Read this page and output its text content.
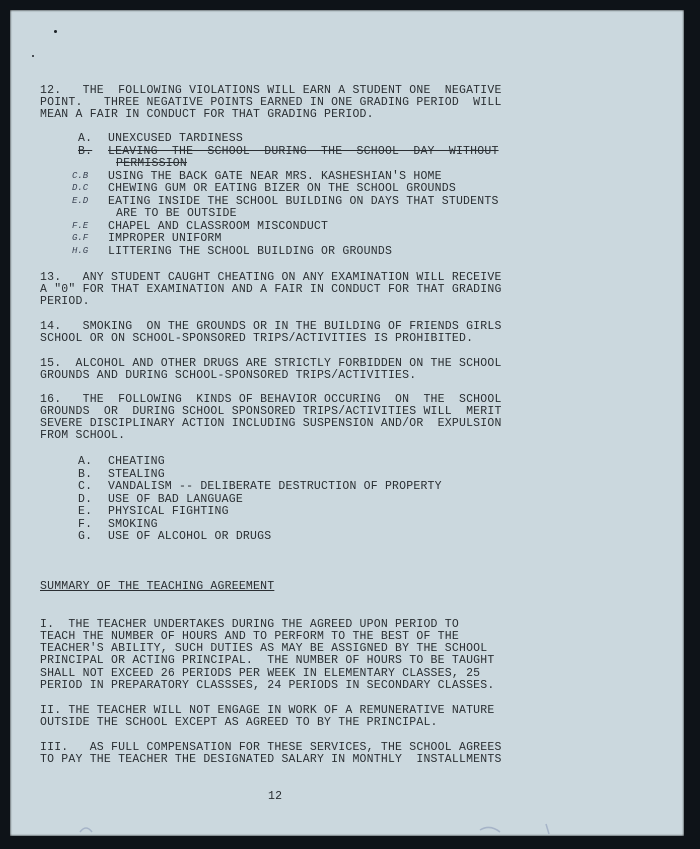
12.   THE  FOLLOWING VIOLATIONS WILL EARN A STUDENT ONE  NEGATIVE
POINT.   THREE NEGATIVE POINTS EARNED IN ONE GRADING PERIOD  WILL
MEAN A FAIR IN CONDUCT FOR THAT GRADING PERIOD.
A. UNEXCUSED TARDINESS
B. LEAVING  THE  SCHOOL  DURING  THE  SCHOOL  DAY  WITHOUT
PERMISSION
C.B USING THE BACK GATE NEAR MRS. KASHESHIAN'S HOME
D.C CHEWING GUM OR EATING BIZER ON THE SCHOOL GROUNDS
E.D EATING INSIDE THE SCHOOL BUILDING ON DAYS THAT STUDENTS
ARE TO BE OUTSIDE
F.E CHAPEL AND CLASSROOM MISCONDUCT
G.F IMPROPER UNIFORM
H.G LITTERING THE SCHOOL BUILDING OR GROUNDS
13.   ANY STUDENT CAUGHT CHEATING ON ANY EXAMINATION WILL RECEIVE
A "0" FOR THAT EXAMINATION AND A FAIR IN CONDUCT FOR THAT GRADING
PERIOD.
14.   SMOKING  ON THE GROUNDS OR IN THE BUILDING OF FRIENDS GIRLS
SCHOOL OR ON SCHOOL-SPONSORED TRIPS/ACTIVITIES IS PROHIBITED.
15.  ALCOHOL AND OTHER DRUGS ARE STRICTLY FORBIDDEN ON THE SCHOOL
GROUNDS AND DURING SCHOOL-SPONSORED TRIPS/ACTIVITIES.
16.   THE  FOLLOWING  KINDS OF BEHAVIOR OCCURING  ON  THE  SCHOOL
GROUNDS  OR  DURING SCHOOL SPONSORED TRIPS/ACTIVITIES WILL  MERIT
SEVERE DISCIPLINARY ACTION INCLUDING SUSPENSION AND/OR  EXPULSION
FROM SCHOOL.
A. CHEATING
B. STEALING
C. VANDALISM -- DELIBERATE DESTRUCTION OF PROPERTY
D. USE OF BAD LANGUAGE
E. PHYSICAL FIGHTING
F. SMOKING
G. USE OF ALCOHOL OR DRUGS
SUMMARY OF THE TEACHING AGREEMENT
I.  THE TEACHER UNDERTAKES DURING THE AGREED UPON PERIOD TO
TEACH THE NUMBER OF HOURS AND TO PERFORM TO THE BEST OF THE
TEACHER'S ABILITY, SUCH DUTIES AS MAY BE ASSIGNED BY THE SCHOOL
PRINCIPAL OR ACTING PRINCIPAL.  THE NUMBER OF HOURS TO BE TAUGHT
SHALL NOT EXCEED 26 PERIODS PER WEEK IN ELEMENTARY CLASSES, 25
PERIOD IN PREPARATORY CLASSSES, 24 PERIODS IN SECONDARY CLASSES.
II. THE TEACHER WILL NOT ENGAGE IN WORK OF A REMUNERATIVE NATURE
OUTSIDE THE SCHOOL EXCEPT AS AGREED TO BY THE PRINCIPAL.
III.   AS FULL COMPENSATION FOR THESE SERVICES, THE SCHOOL AGREES
TO PAY THE TEACHER THE DESIGNATED SALARY IN MONTHLY  INSTALLMENTS
12
